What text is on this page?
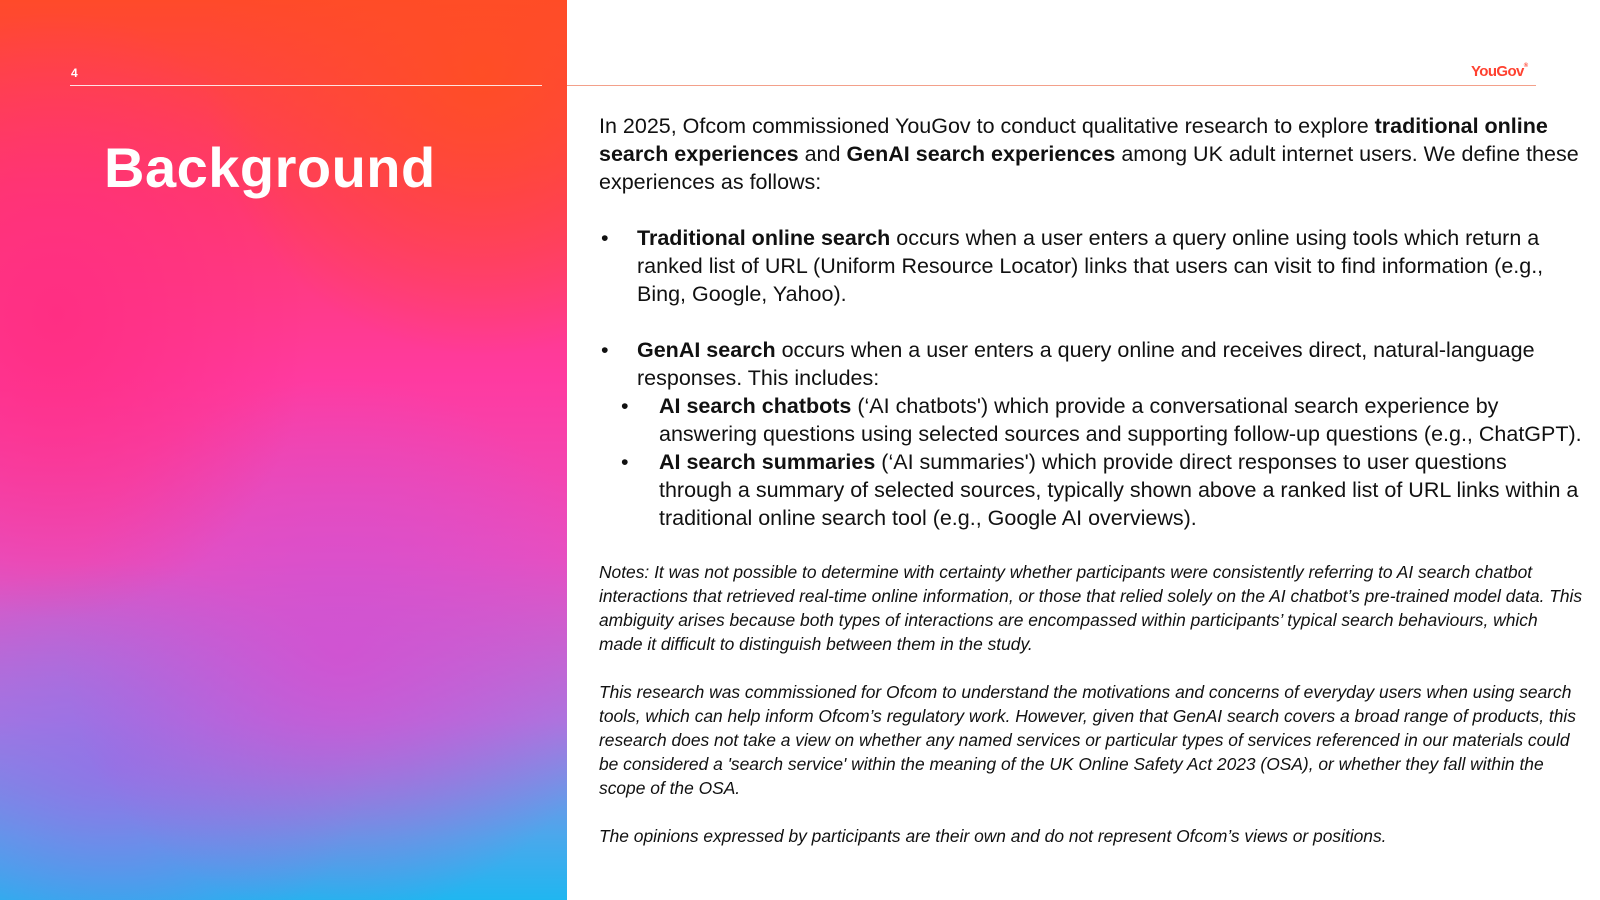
4
Background
YouGov®

In 2025, Ofcom commissioned YouGov to conduct qualitative research to explore traditional online search experiences and GenAI search experiences among UK adult internet users. We define these experiences as follows:

• Traditional online search occurs when a user enters a query online using tools which return a ranked list of URL (Uniform Resource Locator) links that users can visit to find information (e.g., Bing, Google, Yahoo).
• GenAI search occurs when a user enters a query online and receives direct, natural-language responses. This includes:
• AI search chatbots (‘AI chatbots') which provide a conversational search experience by answering questions using selected sources and supporting follow-up questions (e.g., ChatGPT).
• AI search summaries (‘AI summaries') which provide direct responses to user questions through a summary of selected sources, typically shown above a ranked list of URL links within a traditional online search tool (e.g., Google AI overviews).

Notes: It was not possible to determine with certainty whether participants were consistently referring to AI search chatbot interactions that retrieved real-time online information, or those that relied solely on the AI chatbot’s pre-trained model data. This ambiguity arises because both types of interactions are encompassed within participants’ typical search behaviours, which made it difficult to distinguish between them in the study.

This research was commissioned for Ofcom to understand the motivations and concerns of everyday users when using search tools, which can help inform Ofcom’s regulatory work. However, given that GenAI search covers a broad range of products, this research does not take a view on whether any named services or particular types of services referenced in our materials could be considered a 'search service' within the meaning of the UK Online Safety Act 2023 (OSA), or whether they fall within the scope of the OSA.

The opinions expressed by participants are their own and do not represent Ofcom’s views or positions.
